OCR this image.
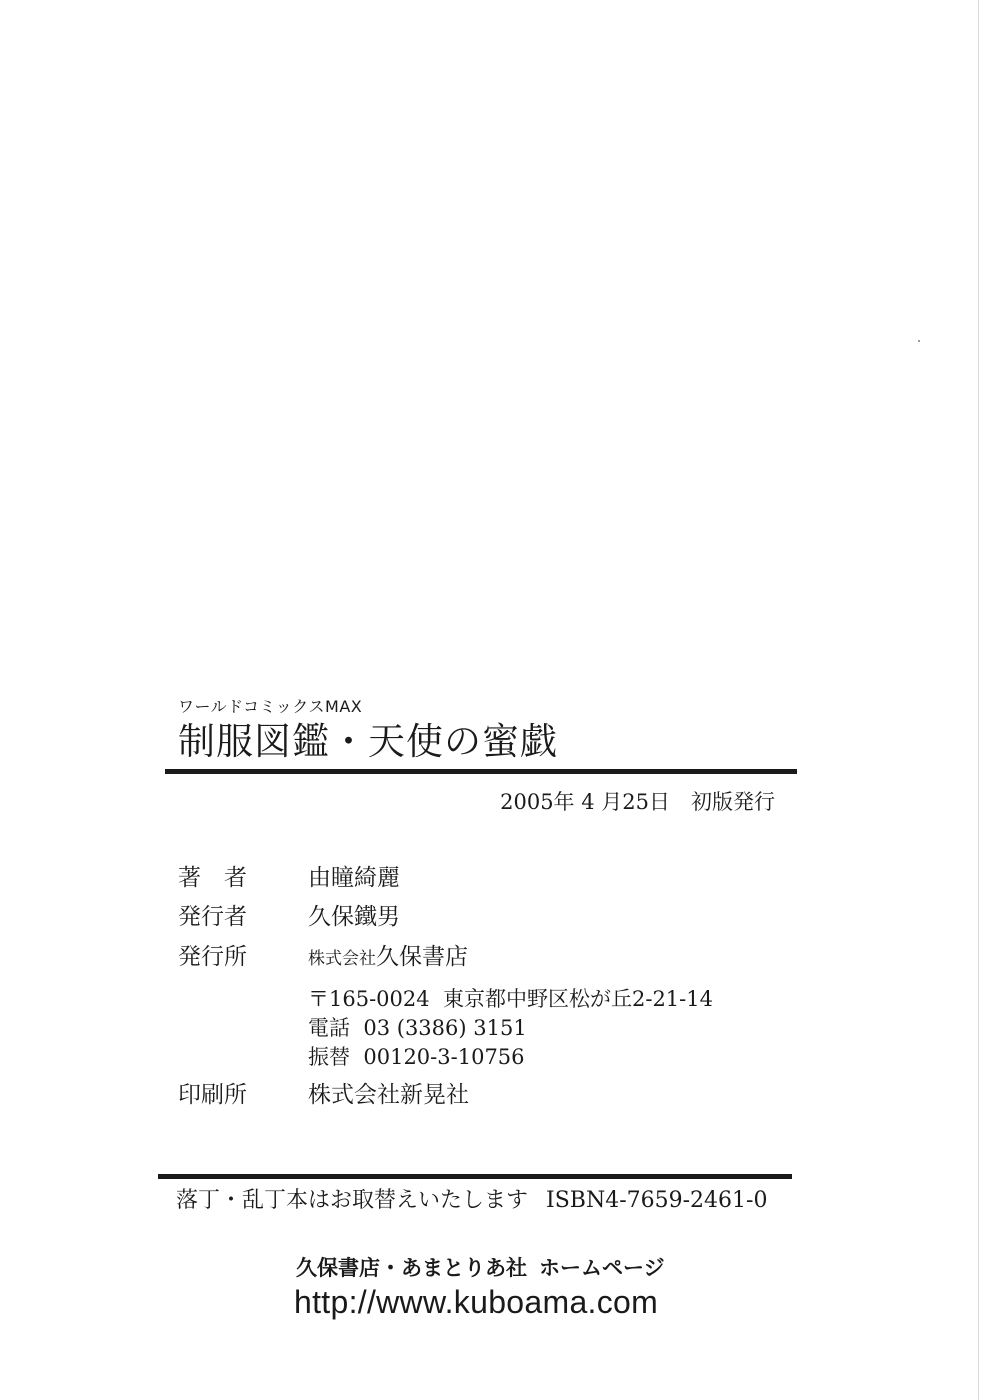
ワールドコミックスMAX
制服図鑑・天使の蜜戯
2005年 4 月25日　初版発行
著　者	由瞳綺麗
発行者	久保鐵男
発行所	株式会社久保書店
〒165-0024 東京都中野区松が丘2-21-14
電話 03 (3386) 3151
振替 00120-3-10756
印刷所	株式会社新晃社
落丁・乱丁本はお取替えいたします ISBN4-7659-2461-0
久保書店・あまとりあ社 ホームページ
http://www.kuboama.com
